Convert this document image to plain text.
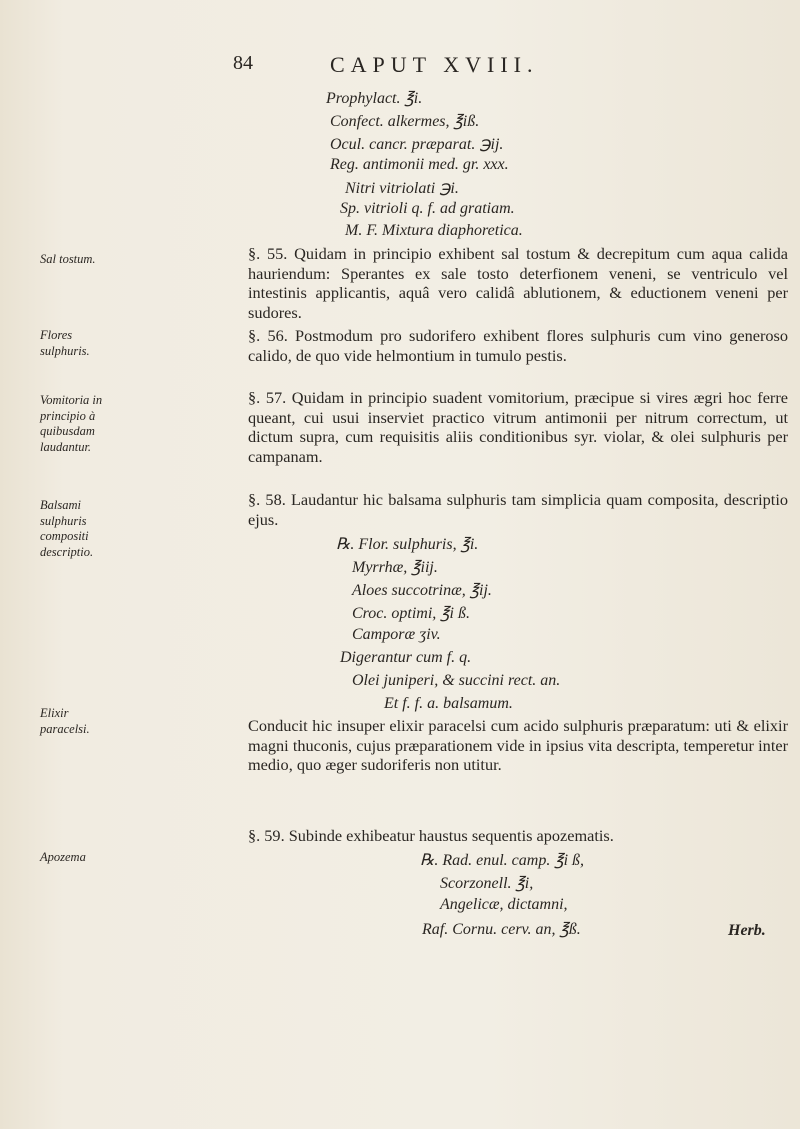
84	CAPUT XVIII.
Prophylact. ℥i.
Confect. alkermes, ℥iß.
Ocul. cancr. præparat. ℈ij.
Reg. antimonii med. gr. xxx.
Nitri vitriolati ℈i.
Sp. vitrioli q. f. ad gratiam.
M. F. Mixtura diaphoretica.
Sal tostum.
Flores sulphuris.
Vomitoria in principio à quibusdam laudantur.
Balsami sulphuris compositi descriptio.
Elixir paracelsi.
Apozema

§. 55. Quidam in principio exhibent sal tostum & decrepitum cum aqua calida hauriendum: Sperantes ex sale tosto deterfionem veneni, se ventriculo vel intestinis applicantis, aquâ vero calidâ ablutionem, & eductionem veneni per sudores.

§. 56. Postmodum pro sudorifero exhibent flores sulphuris cum vino generoso calido, de quo vide helmontium in tumulo pestis.

§. 57. Quidam in principio suadent vomitorium, præcipue si vires ægri hoc ferre queant, cui usui inserviet practico vitrum antimonii per nitrum correctum, ut dictum supra, cum requisitis aliis conditionibus syr. violar, & olei sulphuris per campanam.

§. 58. Laudantur hic balsama sulphuris tam simplicia quam composita, descriptio ejus.

℞. Flor. sulphuris, ℥i.
Myrrhæ, ℥iij.
Aloes succotrinæ, ℥ij.
Croc. optimi, ℥i ß.
Camporæ ʒiv.
Digerantur cum f. q.
Olei juniperi, & succini rect. an.
Et f. f. a. balsamum.

Conducit hic insuper elixir paracelsi cum acido sulphuris præparatum: uti & elixir magni thuconis, cujus præparationem vide in ipsius vita descripta, temperetur inter medio, quo æger sudoriferis non utitur.

§. 59. Subinde exhibeatur haustus sequentis apozematis.

℞. Rad. enul. camp. ℥i ß,
Scorzonell. ℥i,
Angelicæ, dictamni,
Raf. Cornu. cerv. an, ℥ß.	Herb.
